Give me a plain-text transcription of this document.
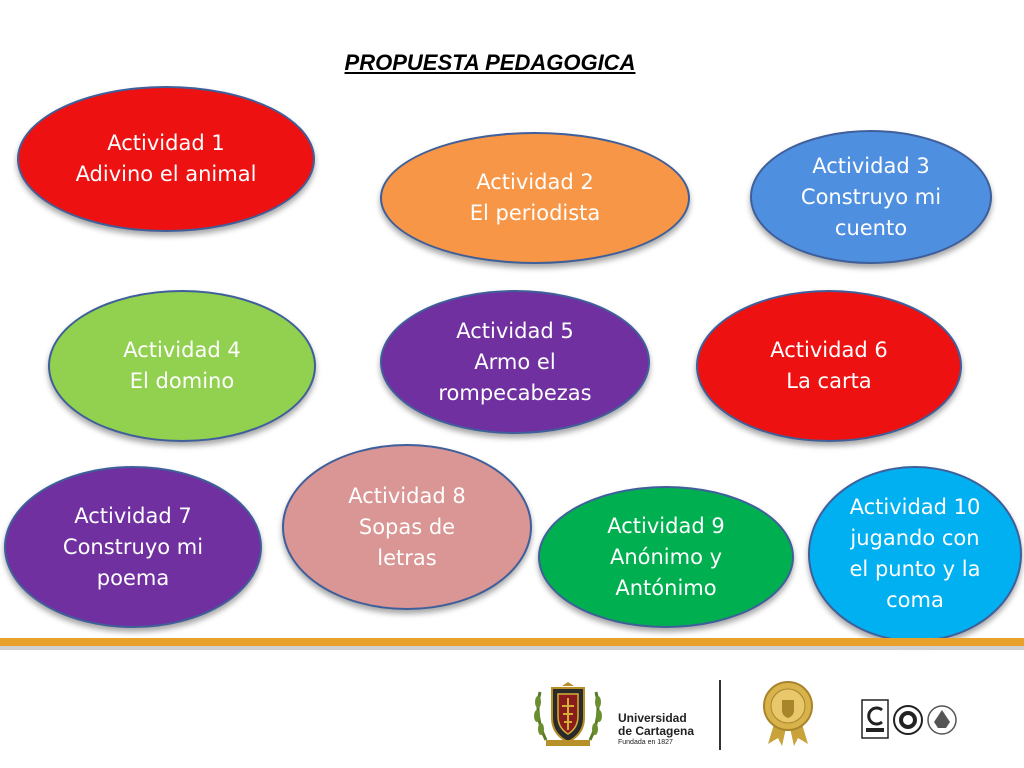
PROPUESTA PEDAGOGICA
Actividad 1
Adivino el animal	Actividad 2
El periodista
Actividad 3
Construyo mi
cuento
Actividad 4
El domino
Actividad 5
Armo el
rompecabezas
Actividad 6
La carta
Actividad 7
Construyo mi
poema
Actividad 8
Sopas de
letras
Actividad 9
Anónimo y
Antónimo
Actividad 10
jugando con
el punto y la
coma
Universidad
de Cartagena
Fundada en 1827
